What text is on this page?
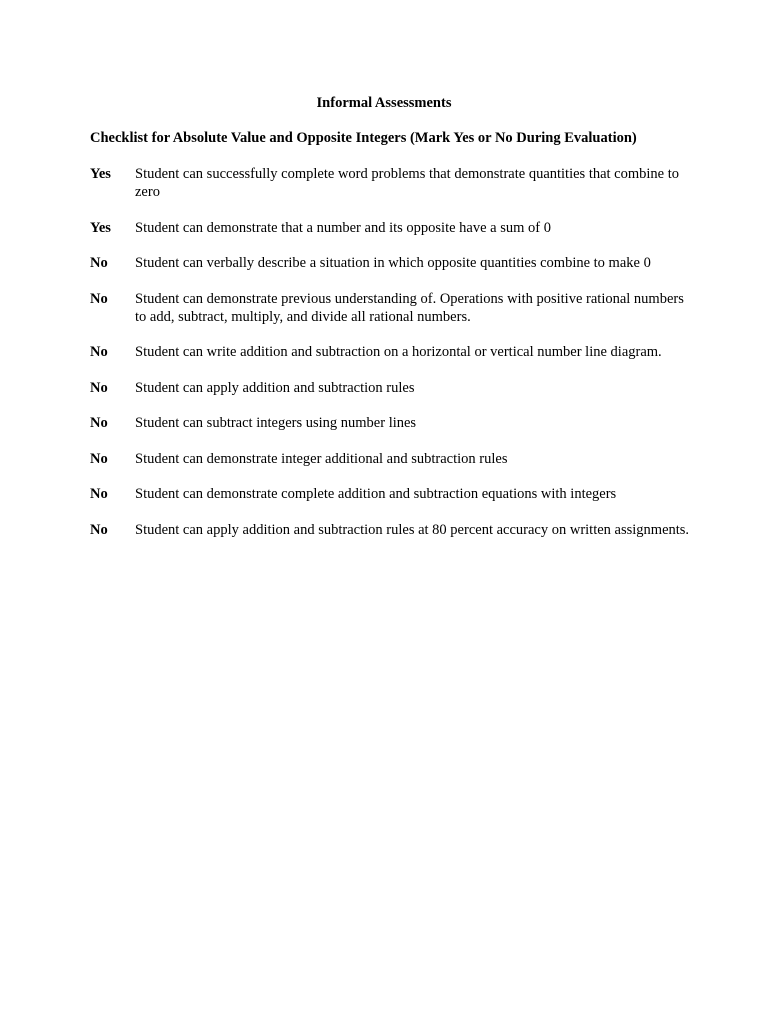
Informal Assessments
Checklist for Absolute Value and Opposite Integers (Mark Yes or No During Evaluation)
Yes	Student can successfully complete word problems that demonstrate quantities that combine to zero
Yes	Student can demonstrate that a number and its opposite have a sum of 0
No	Student can verbally describe a situation in which opposite quantities combine to make 0
No	Student can demonstrate previous understanding of. Operations with positive rational numbers to add, subtract, multiply, and divide all rational numbers.
No	Student can write addition and subtraction on a horizontal or vertical number line diagram.
No	Student can apply addition and subtraction rules
No	Student can subtract integers using number lines
No	Student can demonstrate integer additional and subtraction rules
No	Student can demonstrate complete addition and subtraction equations with integers
No	Student can apply addition and subtraction rules at 80 percent accuracy on written assignments.
